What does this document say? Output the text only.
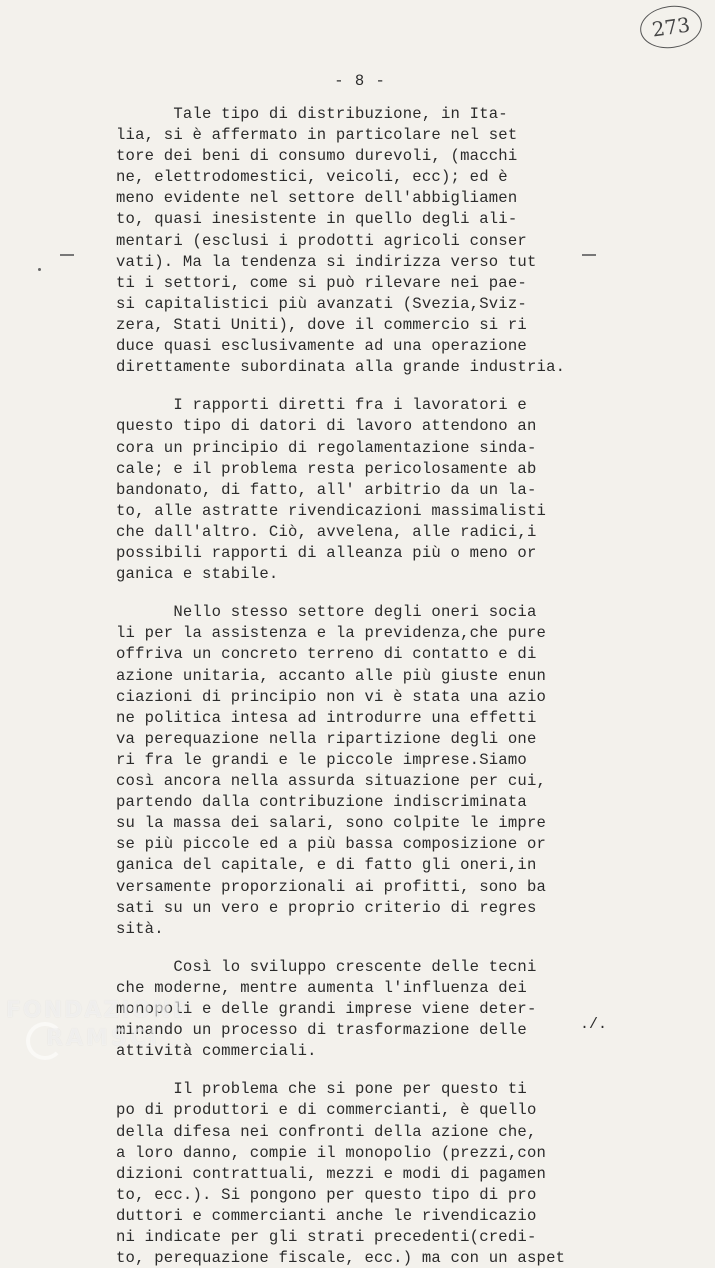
273
- 8 -
Tale tipo di distribuzione, in Ita-
lia, si è affermato in particolare nel set
tore dei beni di consumo durevoli, (macchi
ne, elettrodomestici, veicoli, ecc); ed è
meno evidente nel settore dell'abbigliamen
to, quasi inesistente in quello degli ali-
mentari (esclusi i prodotti agricoli conser
vati). Ma la tendenza si indirizza verso tut
ti i settori, come si può rilevare nei pae-
si capitalistici più avanzati (Svezia,Sviz-
zera, Stati Uniti), dove il commercio si ri
duce quasi esclusivamente ad una operazione
direttamente subordinata alla grande industria.
I rapporti diretti fra i lavoratori e
questo tipo di datori di lavoro attendono an
cora un principio di regolamentazione sinda-
cale; e il problema resta pericolosamente ab
bandonato, di fatto, all' arbitrio da un la-
to, alle astratte rivendicazioni massimalisti
che dall'altro. Ciò, avvelena, alle radici,i
possibili rapporti di alleanza più o meno or
ganica e stabile.
Nello stesso settore degli oneri socia
li per la assistenza e la previdenza,che pure
offriva un concreto terreno di contatto e di
azione unitaria, accanto alle più giuste enun
ciazioni di principio non vi è stata una azio
ne politica intesa ad introdurre una effetti
va perequazione nella ripartizione degli one
ri fra le grandi e le piccole imprese.Siamo
così ancora nella assurda situazione per cui,
partendo dalla contribuzione indiscriminata
su la massa dei salari, sono colpite le impre
se più piccole ed a più bassa composizione or
ganica del capitale, e di fatto gli oneri,in
versamente proporzionali ai profitti, sono ba
sati su un vero e proprio criterio di regres
sità.
Così lo sviluppo crescente delle tecni
che moderne, mentre aumenta l'influenza dei
monopoli e delle grandi imprese viene deter-
minando un processo di trasformazione delle
attività commerciali.
Il problema che si pone per questo ti
po di produttori e di commercianti, è quello
della difesa nei confronti della azione che,
a loro danno, compie il monopolio (prezzi,con
dizioni contrattuali, mezzi e modi di pagamen
to, ecc.). Si pongono per questo tipo di pro
duttori e commercianti anche le rivendicazio
ni indicate per gli strati precedenti(credi-
to, perequazione fiscale, ecc.) ma con un aspet
./.
FONDAZIONE
RAMSCI
